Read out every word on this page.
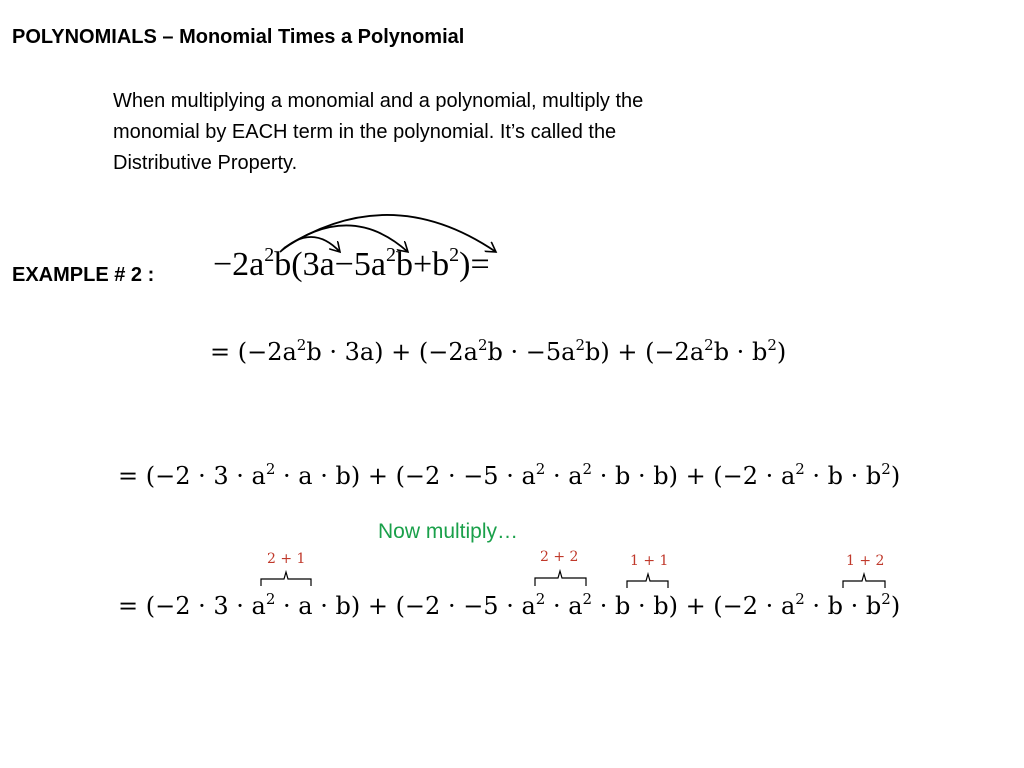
POLYNOMIALS – Monomial Times a Polynomial
When multiplying a monomial and a polynomial, multiply the
monomial by EACH term in the polynomial. It’s called the
Distributive Property.
EXAMPLE # 2 : $-2a^2b(3a-5a^2b+b^2)=$
= $(-2a^2b \cdot 3a) + (-2a^2b \cdot -5a^2b) + (-2a^2b \cdot b^2)$
= $(-2 \cdot 3 \cdot a^2 \cdot a \cdot b) + (-2 \cdot -5 \cdot a^2 \cdot a^2 \cdot b \cdot b) + (-2 \cdot a^2 \cdot b \cdot b^2)$
Now multiply…
2 + 1	2 + 2	1 + 1	1 + 2
= $(-2 \cdot 3 \cdot a^2 \cdot a \cdot b) + (-2 \cdot -5 \cdot a^2 \cdot a^2 \cdot b \cdot b) + (-2 \cdot a^2 \cdot b \cdot b^2)$
